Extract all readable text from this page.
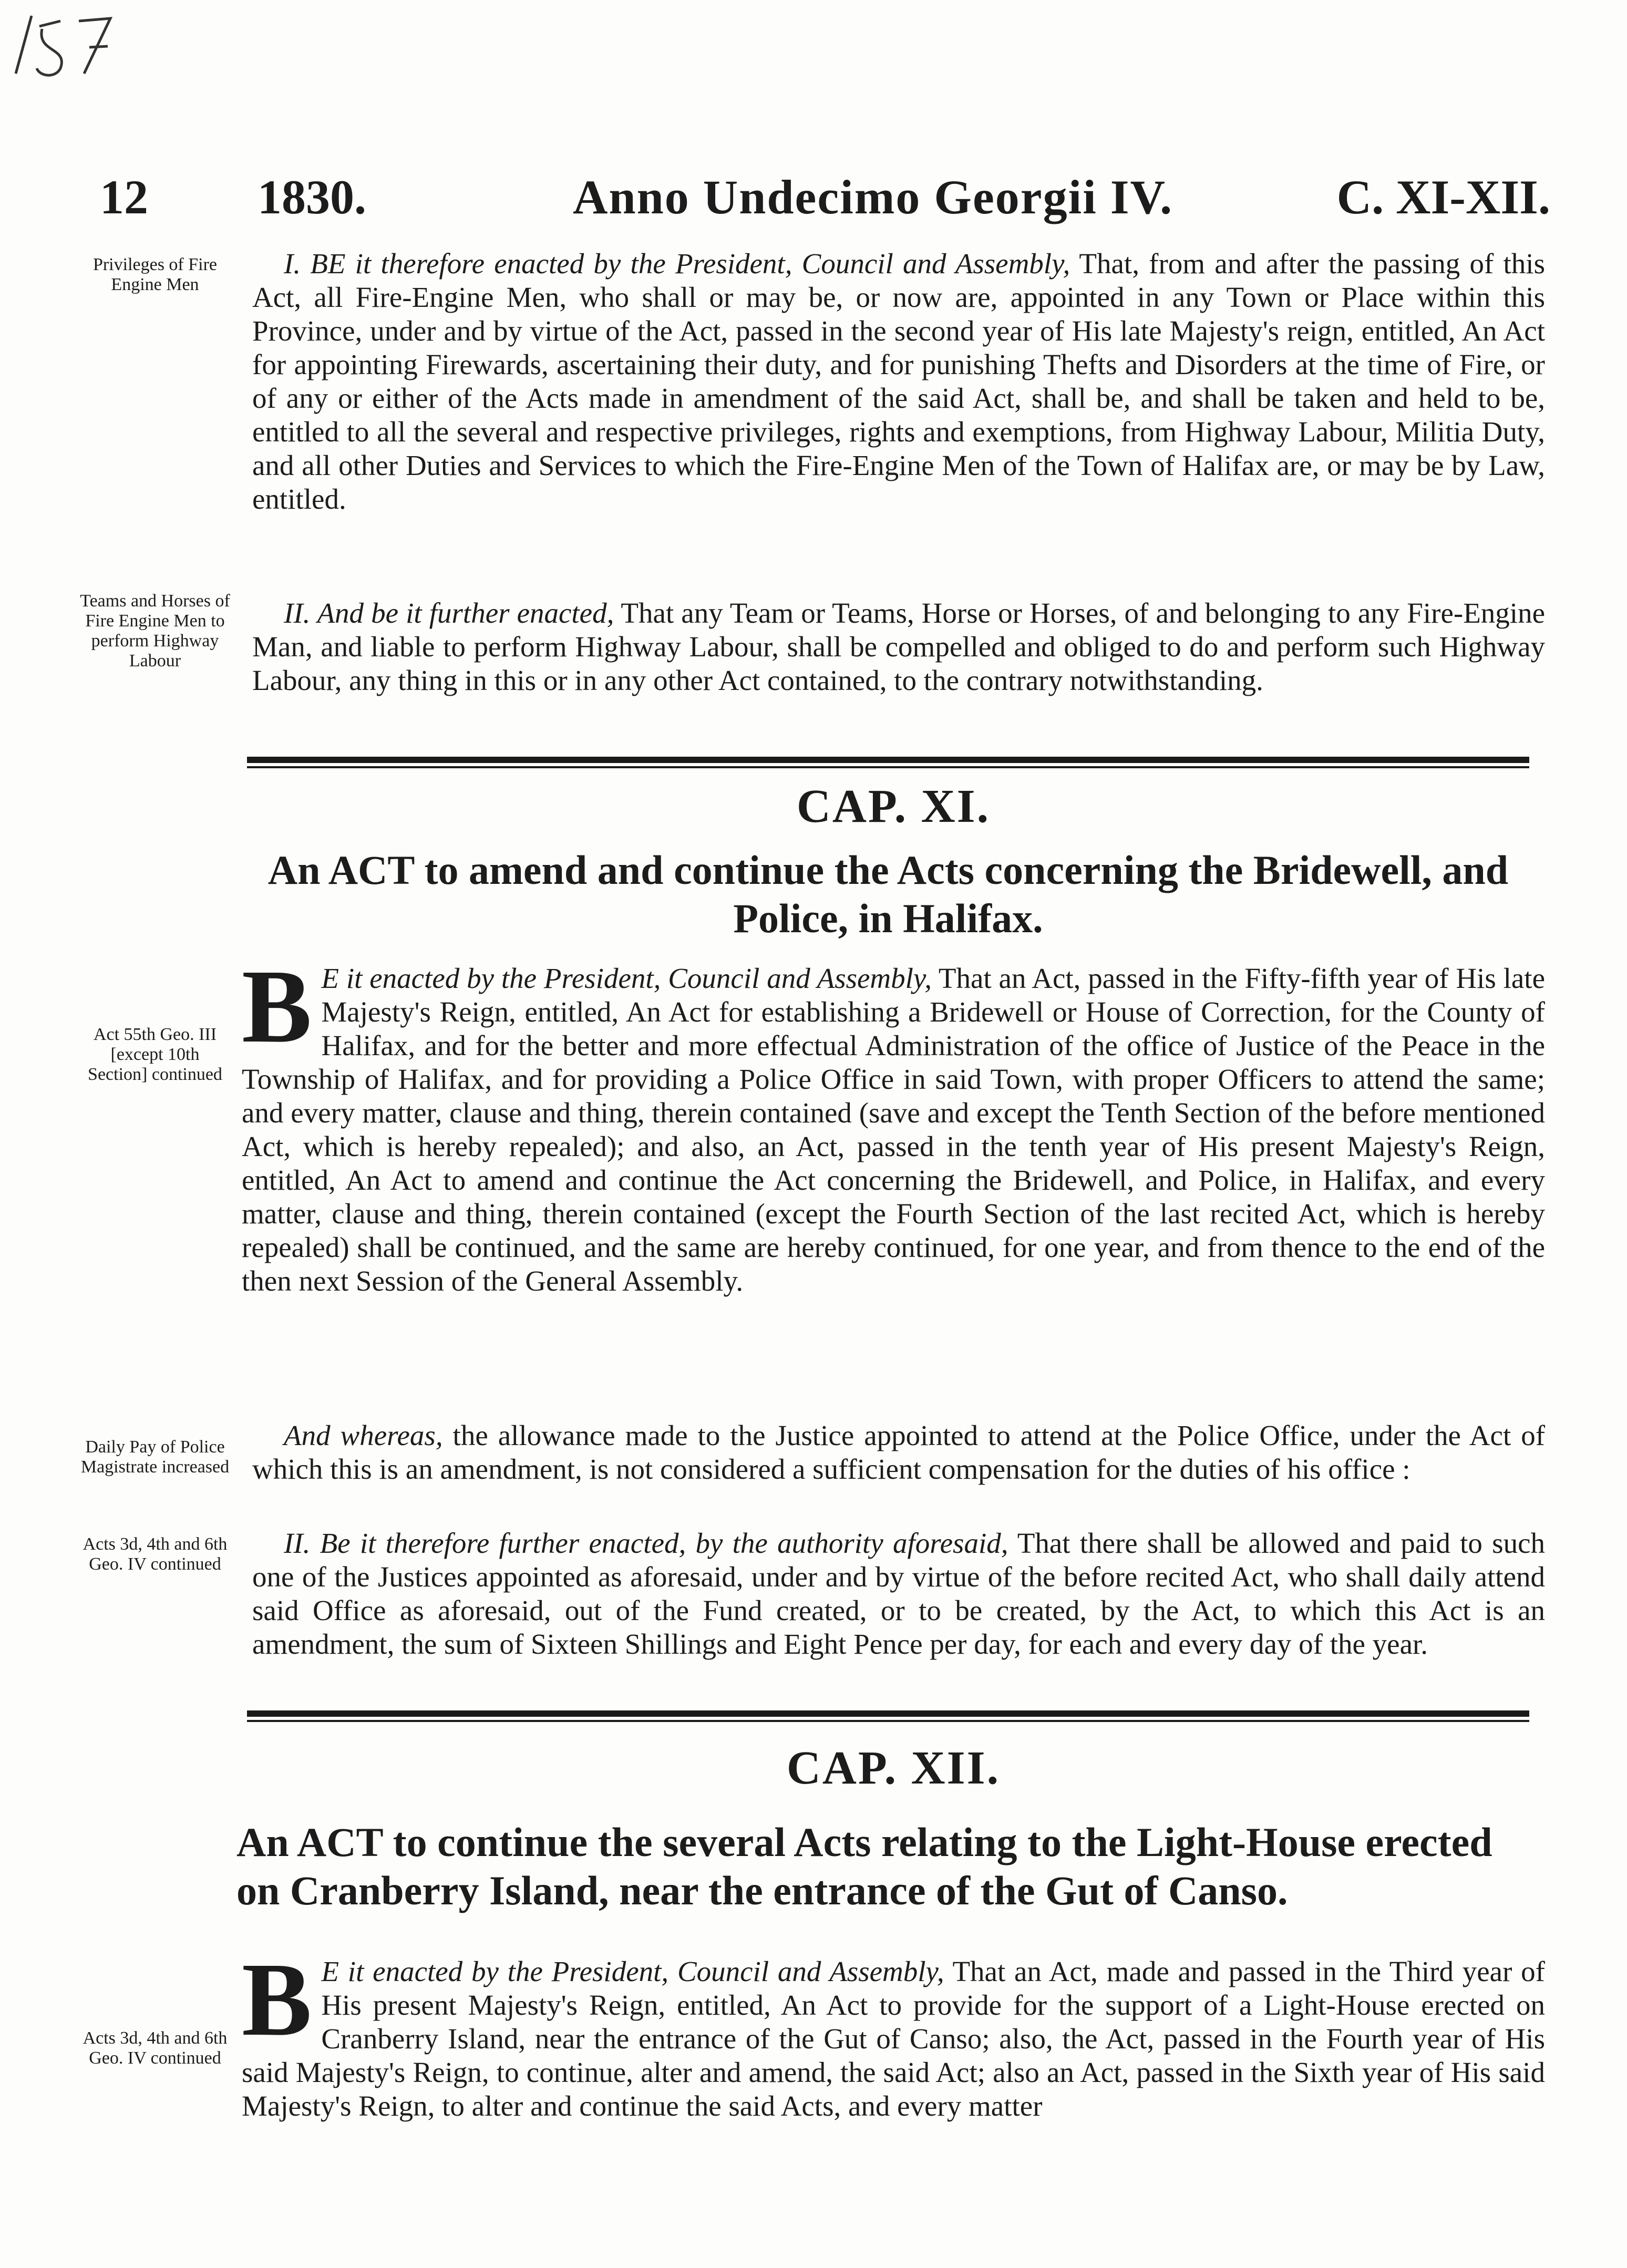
12 1830.	Anno Undecimo Georgii IV.	C. XI-XII.
Privileges of Fire Engine Men
I. BE it therefore enacted by the President, Council and Assembly, That, from and after the passing of this Act, all Fire-Engine Men, who shall or may be, or now are, appointed in any Town or Place within this Province, under and by virtue of the Act, passed in the second year of His late Majesty's reign, entitled, An Act for appointing Firewards, ascertaining their duty, and for punishing Thefts and Disorders at the time of Fire, or of any or either of the Acts made in amendment of the said Act, shall be, and shall be taken and held to be, entitled to all the several and respective privileges, rights and exemptions, from Highway Labour, Militia Duty, and all other Duties and Services to which the Fire-Engine Men of the Town of Halifax are, or may be by Law, entitled.
Teams and Horses of Fire Engine Men to perform Highway Labour
II. And be it further enacted, That any Team or Teams, Horse or Horses, of and belonging to any Fire-Engine Man, and liable to perform Highway Labour, shall be compelled and obliged to do and perform such Highway Labour, any thing in this or in any other Act contained, to the contrary notwithstanding.
CAP. XI.
An ACT to amend and continue the Acts concerning the Bridewell, and Police, in Halifax.
Act 55th Geo. III [except 10th Section] continued
B E it enacted by the President, Council and Assembly, That an Act, passed in the Fifty-fifth year of His late Majesty's Reign, entitled, An Act for establishing a Bridewell or House of Correction, for the County of Halifax, and for the better and more effectual Administration of the office of Justice of the Peace in the Township of Halifax, and for providing a Police Office in said Town, with proper Officers to attend the same; and every matter, clause and thing, therein contained (save and except the Tenth Section of the before mentioned Act, which is hereby repealed); and also, an Act, passed in the tenth year of His present Majesty's Reign, entitled, An Act to amend and continue the Act concerning the Bridewell, and Police, in Halifax, and every matter, clause and thing, therein contained (except the Fourth Section of the last recited Act, which is hereby repealed) shall be continued, and the same are hereby continued, for one year, and from thence to the end of the then next Session of the General Assembly.
Daily Pay of Police Magistrate increased
And whereas, the allowance made to the Justice appointed to attend at the Police Office, under the Act of which this is an amendment, is not considered a sufficient compensation for the duties of his office :
Acts 3d, 4th and 6th Geo. IV continued
II. Be it therefore further enacted, by the authority aforesaid, That there shall be allowed and paid to such one of the Justices appointed as aforesaid, under and by virtue of the before recited Act, who shall daily attend said Office as aforesaid, out of the Fund created, or to be created, by the Act, to which this Act is an amendment, the sum of Sixteen Shillings and Eight Pence per day, for each and every day of the year.
CAP. XII.
An ACT to continue the several Acts relating to the Light-House erected on Cranberry Island, near the entrance of the Gut of Canso.
Acts 3d, 4th and 6th Geo. IV continued
B E it enacted by the President, Council and Assembly, That an Act, made and passed in the Third year of His present Majesty's Reign, entitled, An Act to provide for the support of a Light-House erected on Cranberry Island, near the entrance of the Gut of Canso; also, the Act, passed in the Fourth year of His said Majesty's Reign, to continue, alter and amend, the said Act; also an Act, passed in the Sixth year of His said Majesty's Reign, to alter and continue the said Acts, and every matter
